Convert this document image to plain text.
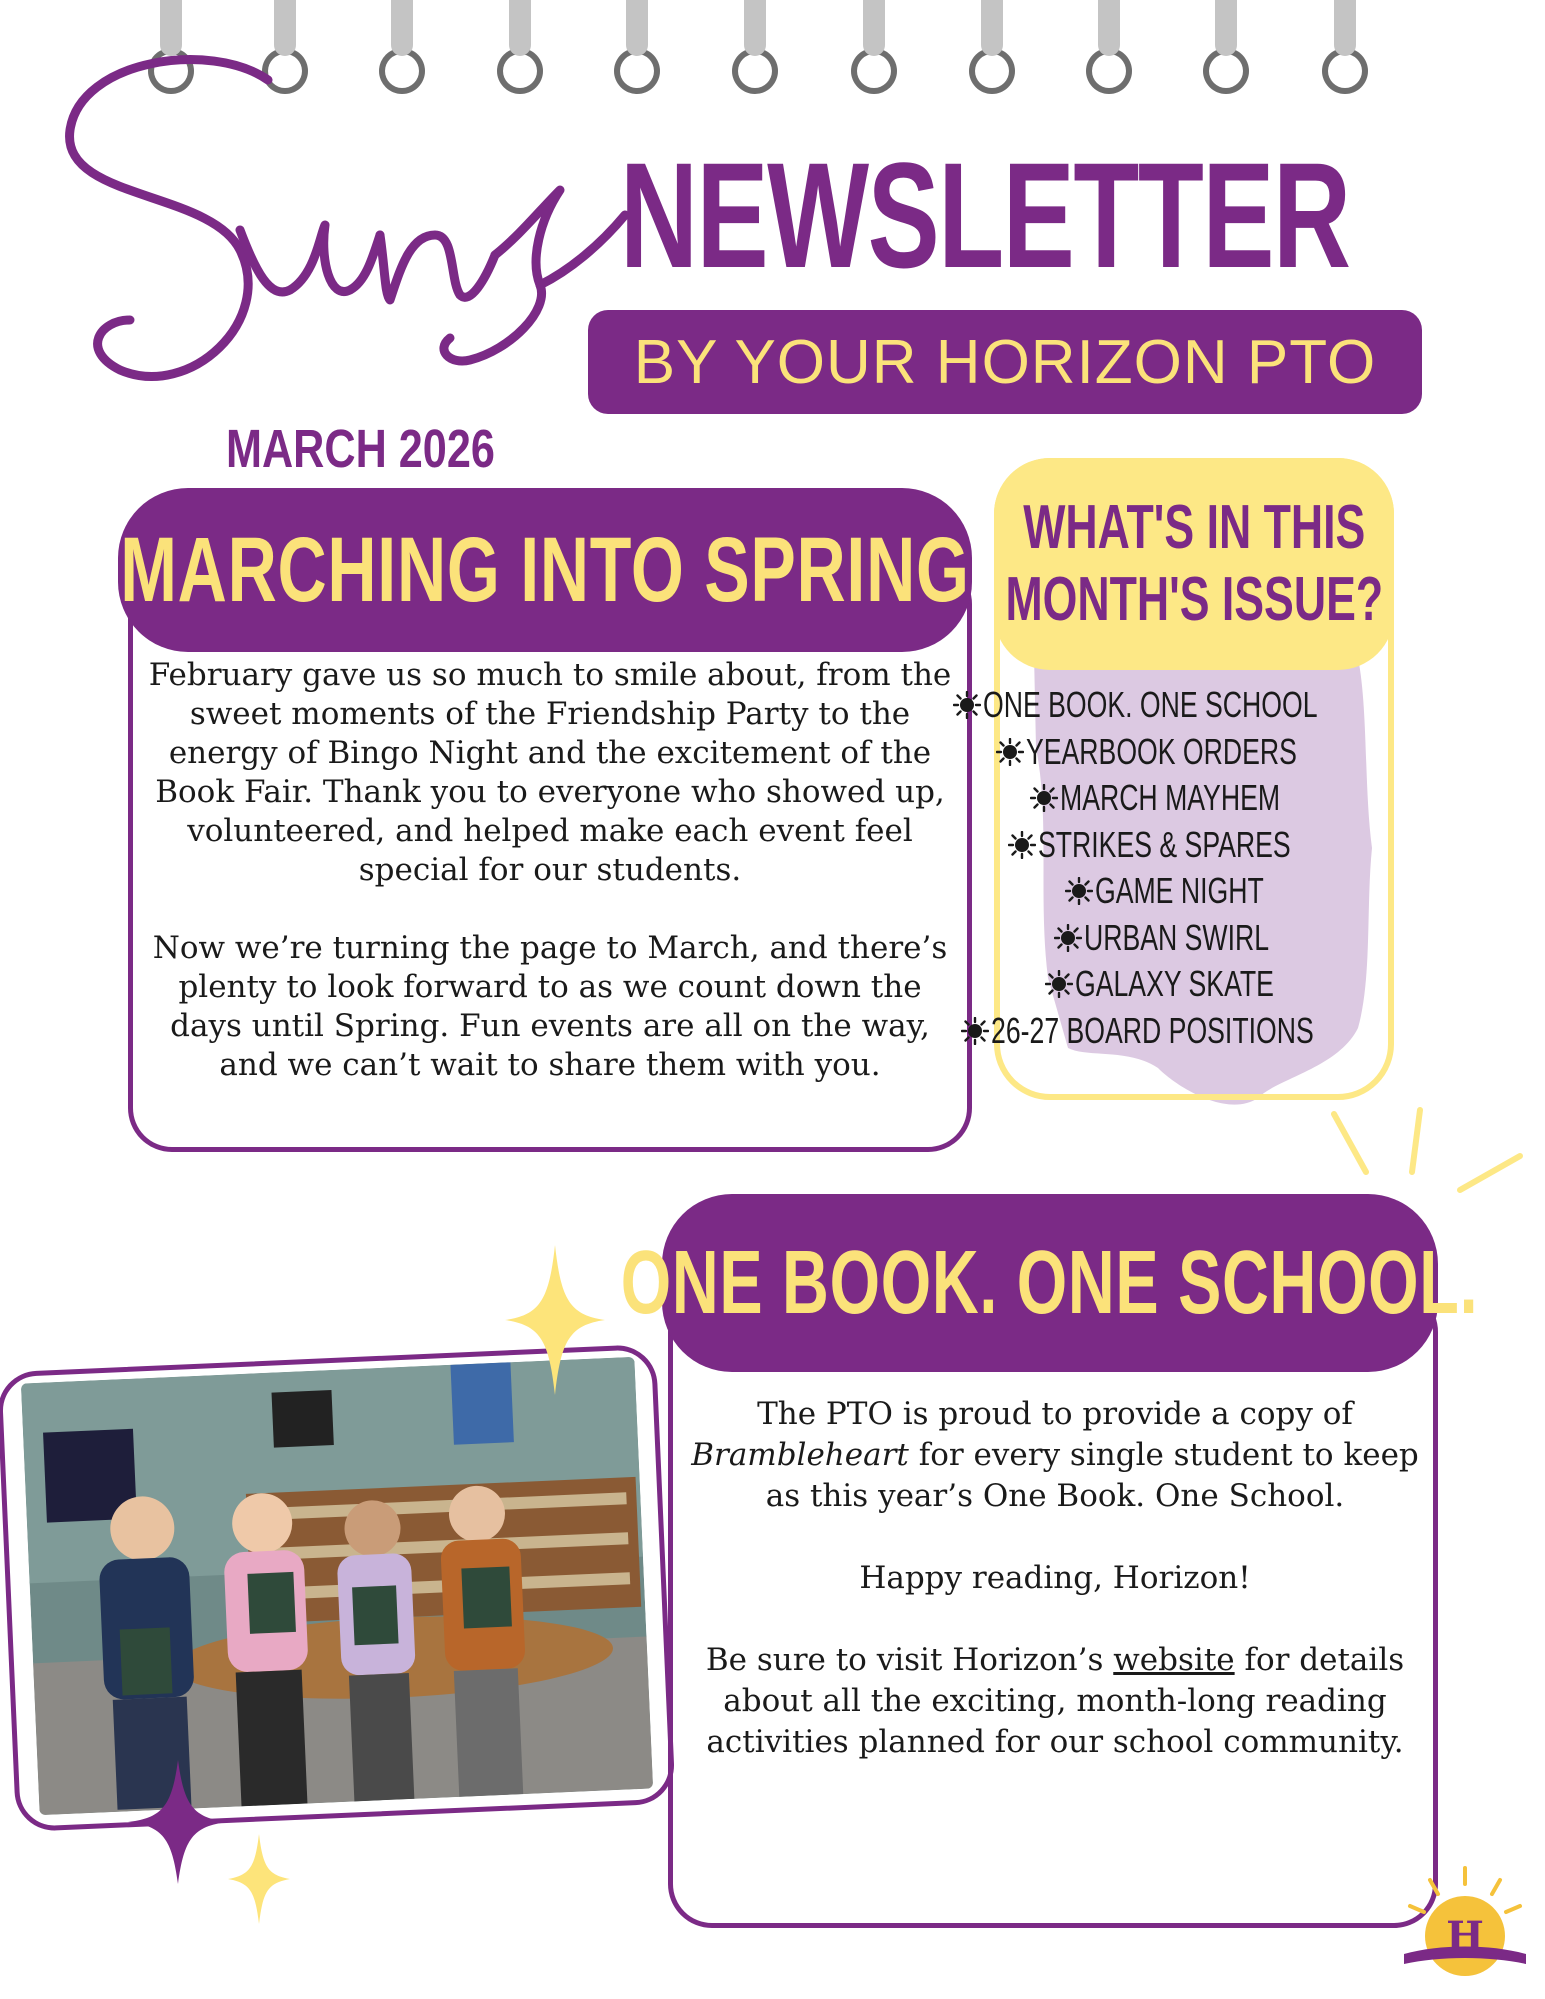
NEWSLETTER
BY YOUR HORIZON PTO
MARCH 2026
MARCHING INTO SPRING

February gave us so much to smile about, from the sweet moments of the Friendship Party to the energy of Bingo Night and the excitement of the Book Fair. Thank you to everyone who showed up, volunteered, and helped make each event feel special for our students.

Now we’re turning the page to March, and there’s plenty to look forward to as we count down the days until Spring. Fun events are all on the way, and we can’t wait to share them with you.

WHAT'S IN THIS
MONTH'S ISSUE?
ONE BOOK. ONE SCHOOL
YEARBOOK ORDERS
MARCH MAYHEM
STRIKES & SPARES
GAME NIGHT
URBAN SWIRL
GALAXY SKATE
26-27 BOARD POSITIONS
ONE BOOK. ONE SCHOOL.

The PTO is proud to provide a copy of Brambleheart for every single student to keep as this year’s One Book. One School.

Happy reading, Horizon!

Be sure to visit Horizon’s website for details about all the exciting, month-long reading activities planned for our school community.

H
